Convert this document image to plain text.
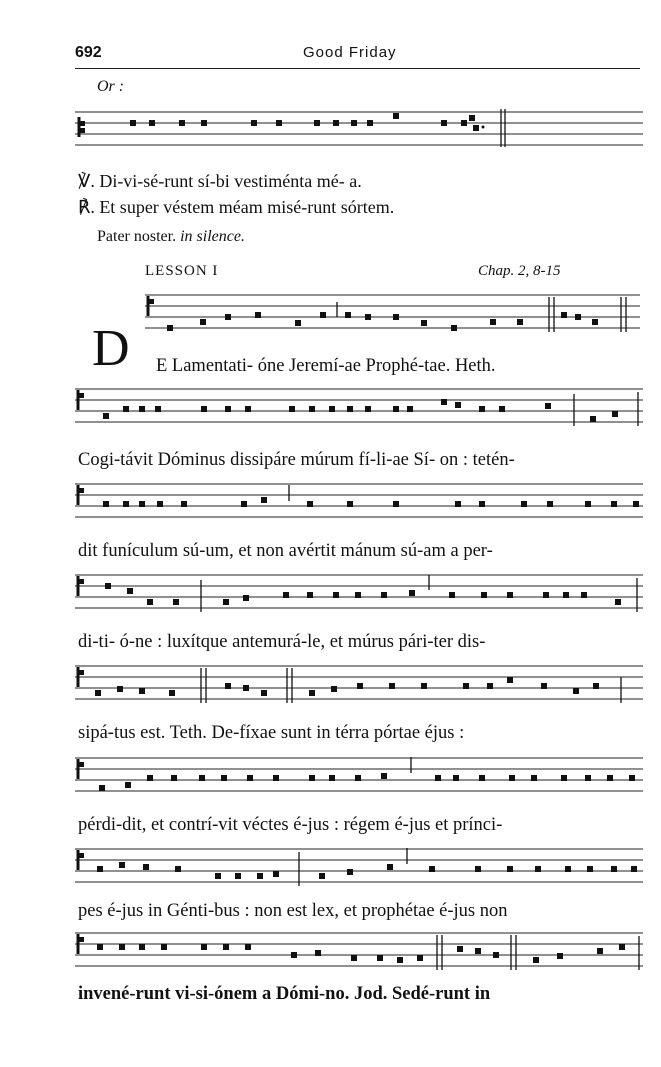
692	Good Friday
Or :
℣. Di-vi-sé-runt sí-bi vestiménta mé- a.
℟. Et super véstem méam misé-runt sórtem.
Pater noster. in silence.
LESSON I	Chap. 2, 8-15
D E Lamentati- óne Jeremí-ae Prophé-tae. Heth.
Cogi-távit Dóminus dissipáre múrum fí-li-ae Sí- on : tetén-
dit funículum sú-um, et non avértit mánum sú-am a per-
di-ti- ó-ne : luxítque antemurá-le, et múrus pári-ter dis-
sipá-tus est. Teth. De-fíxae sunt in térra pórtae éjus :
pérdi-dit, et contrí-vit véctes é-jus : régem é-jus et prínci-
pes é-jus in Génti-bus : non est lex, et prophétae é-jus non
invené-runt vi-si-ónem a Dómi-no. Jod. Sedé-runt in
